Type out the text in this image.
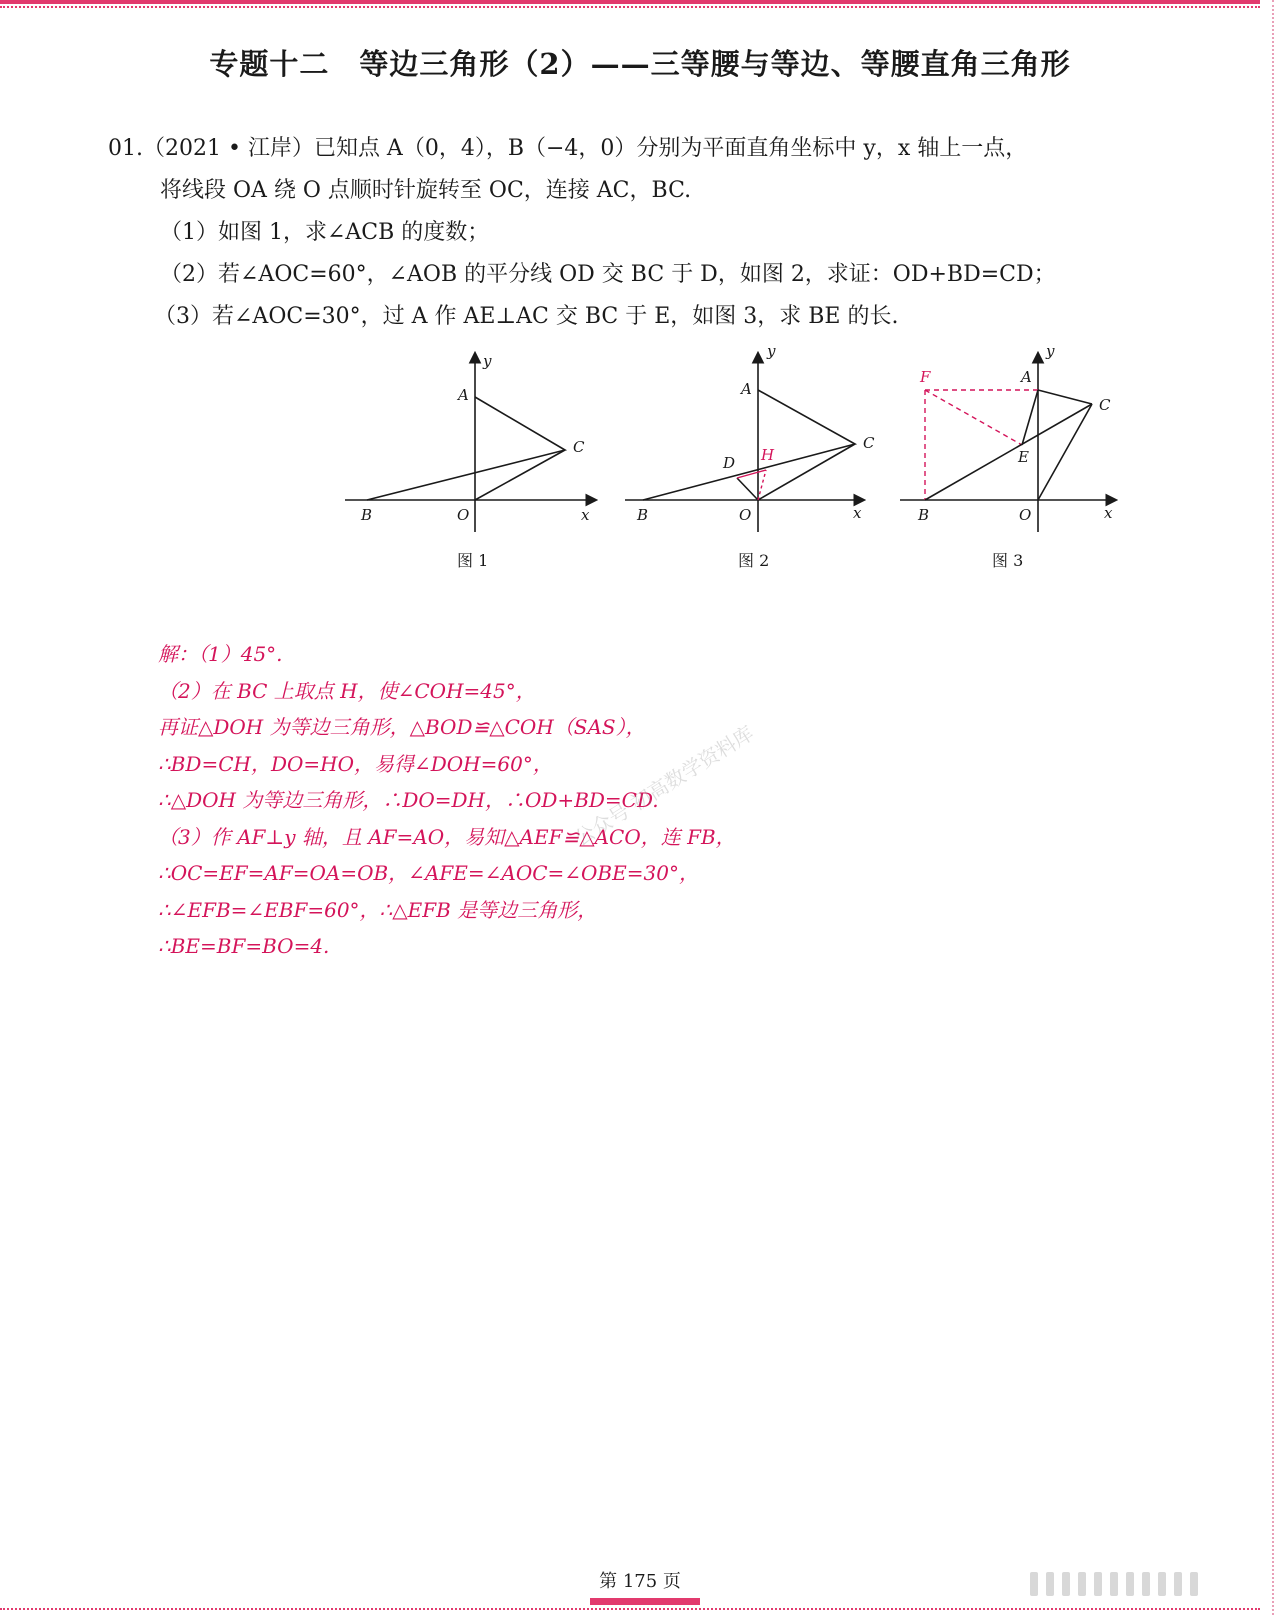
专题十二　等边三角形（2）——三等腰与等边、等腰直角三角形
01.（2021 • 江岸）已知点 A（0，4），B（−4，0）分别为平面直角坐标中 y，x 轴上一点，
将线段 OA 绕 O 点顺时针旋转至 OC，连接 AC，BC.
（1）如图 1，求∠ACB 的度数；
（2）若∠AOC=60°，∠AOB 的平分线 OD 交 BC 于 D，如图 2，求证：OD+BD=CD；
（3）若∠AOC=30°，过 A 作 AE⊥AC 交 BC 于 E，如图 3，求 BE 的长.
y
x
A
C
B	O
图 1
y
x
A
C
D H
B	O
图 2
y
x
F	A
C
E
B	O
图 3
解：（1）45°.
（2）在 BC 上取点 H，使∠COH=45°，
再证△DOH 为等边三角形，△BOD≌△COH（SAS），
∴BD=CH，DO=HO，易得∠DOH=60°，
∴△DOH 为等边三角形，∴DO=DH，∴OD+BD=CD.
（3）作 AF⊥y 轴，且 AF=AO，易知△AEF≌△ACO，连 FB，
∴OC=EF=AF=OA=OB，∠AFE=∠AOC=∠OBE=30°，
∴∠EFB=∠EBF=60°，∴△EFB 是等边三角形，
∴BE=BF=BO=4.
公众号 初高数学资料库
第 175 页
